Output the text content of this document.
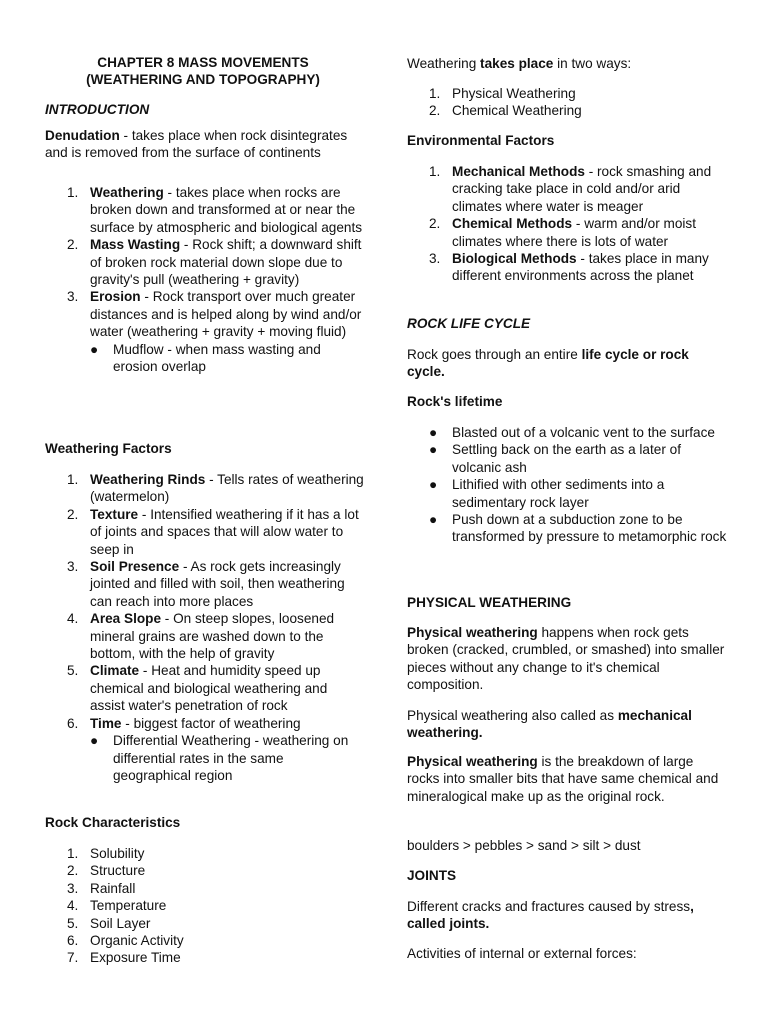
CHAPTER 8 MASS MOVEMENTS
(WEATHERING AND TOPOGRAPHY)
INTRODUCTION
Denudation - takes place when rock disintegrates and is removed from the surface of continents
1. Weathering - takes place when rocks are broken down and transformed at or near the surface by atmospheric and biological agents
2. Mass Wasting - Rock shift; a downward shift of broken rock material down slope due to gravity's pull (weathering + gravity)
3. Erosion - Rock transport over much greater distances and is helped along by wind and/or water (weathering + gravity + moving fluid)
● Mudflow - when mass wasting and erosion overlap
Weathering Factors
1. Weathering Rinds - Tells rates of weathering (watermelon)
2. Texture - Intensified weathering if it has a lot of joints and spaces that will alow water to seep in
3. Soil Presence - As rock gets increasingly jointed and filled with soil, then weathering can reach into more places
4. Area Slope - On steep slopes, loosened mineral grains are washed down to the bottom, with the help of gravity
5. Climate - Heat and humidity speed up chemical and biological weathering and assist water's penetration of rock
6. Time - biggest factor of weathering
● Differential Weathering - weathering on differential rates in the same geographical region
Rock Characteristics
1. Solubility
2. Structure
3. Rainfall
4. Temperature
5. Soil Layer
6. Organic Activity
7. Exposure Time
Weathering takes place in two ways:
1. Physical Weathering
2. Chemical Weathering
Environmental Factors
1. Mechanical Methods - rock smashing and cracking take place in cold and/or arid climates where water is meager
2. Chemical Methods - warm and/or moist climates where there is lots of water
3. Biological Methods - takes place in many different environments across the planet
ROCK LIFE CYCLE
Rock goes through an entire life cycle or rock cycle.
Rock's lifetime
● Blasted out of a volcanic vent to the surface
● Settling back on the earth as a later of volcanic ash
● Lithified with other sediments into a sedimentary rock layer
● Push down at a subduction zone to be transformed by pressure to metamorphic rock
PHYSICAL WEATHERING
Physical weathering happens when rock gets broken (cracked, crumbled, or smashed) into smaller pieces without any change to it's chemical composition.
Physical weathering also called as mechanical weathering.
Physical weathering is the breakdown of large rocks into smaller bits that have same chemical and mineralogical make up as the original rock.
boulders > pebbles > sand > silt > dust
JOINTS
Different cracks and fractures caused by stress, called joints.
Activities of internal or external forces:
